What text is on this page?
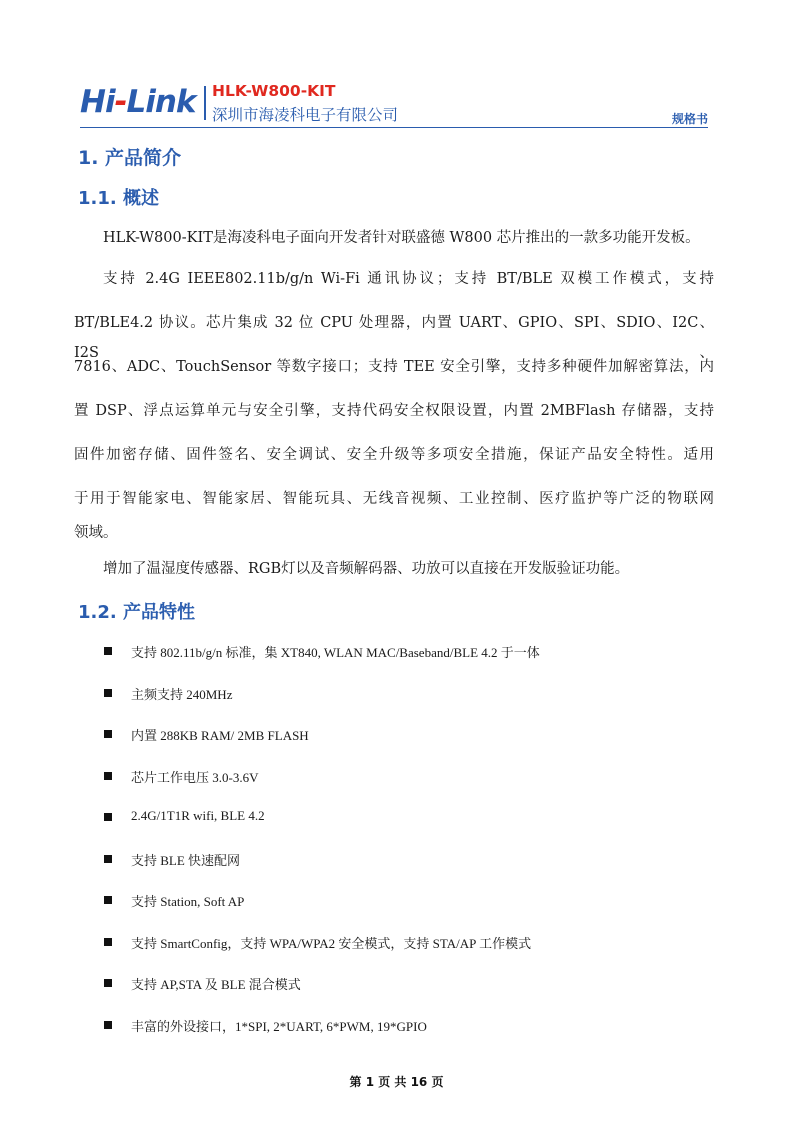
Hi-Link HLK-W800-KIT
深圳市海凌科电子有限公司	规格书
1. 产品简介
1.1. 概述
HLK-W800-KIT是海凌科电子面向开发者针对联盛德 W800 芯片推出的一款多功能开发板。
支持 2.4G IEEE802.11b/g/n Wi-Fi 通讯协议；支持 BT/BLE 双模工作模式，支持
BT/BLE4.2 协议。芯片集成 32 位 CPU 处理器，内置 UART、GPIO、SPI、SDIO、I2C、I2S、
7816、ADC、TouchSensor 等数字接口；支持 TEE 安全引擎，支持多种硬件加解密算法，内
置 DSP、浮点运算单元与安全引擎，支持代码安全权限设置，内置 2MBFlash 存储器，支持
固件加密存储、固件签名、安全调试、安全升级等多项安全措施，保证产品安全特性。适用
于用于智能家电、智能家居、智能玩具、无线音视频、工业控制、医疗监护等广泛的物联网
领域。
增加了温湿度传感器、RGB灯以及音频解码器、功放可以直接在开发版验证功能。
1.2. 产品特性
支持 802.11b/g/n 标准，集 XT840, WLAN MAC/Baseband/BLE 4.2 于一体
主频支持 240MHz
内置 288KB RAM/ 2MB FLASH
芯片工作电压 3.0-3.6V
2.4G/1T1R wifi, BLE 4.2
支持 BLE 快速配网
支持 Station, Soft AP
支持 SmartConfig，支持 WPA/WPA2 安全模式，支持 STA/AP 工作模式
支持 AP,STA 及 BLE 混合模式
丰富的外设接口，1*SPI, 2*UART, 6*PWM, 19*GPIO
第 1 页 共 16 页
